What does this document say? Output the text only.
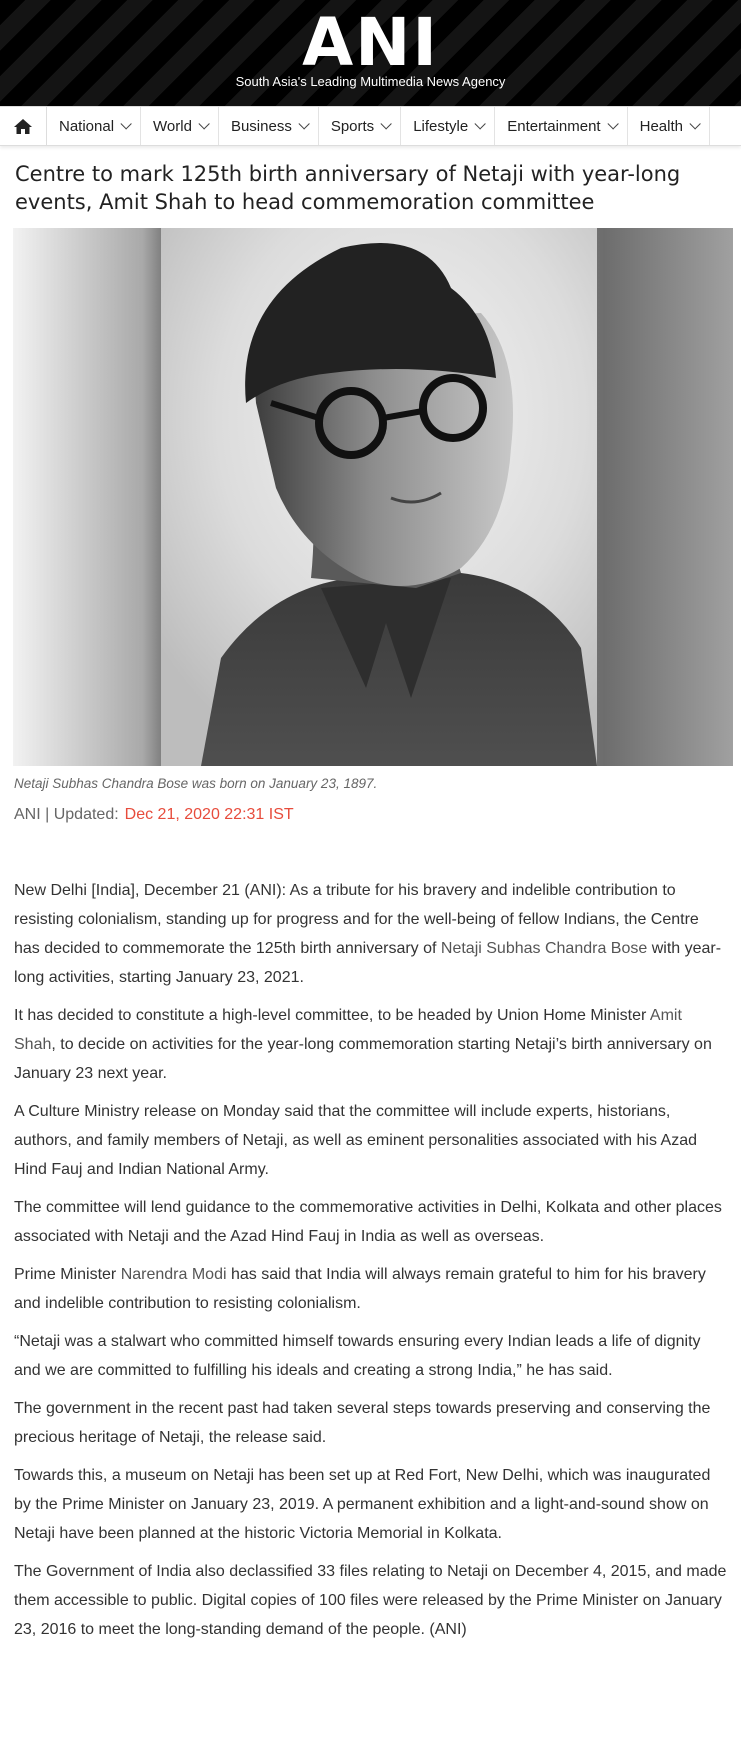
ANI
South Asia's Leading Multimedia News Agency
National	World	Business	Sports	Lifestyle	Entertainment	Health
Centre to mark 125th birth anniversary of Netaji with year-long events, Amit Shah to head commemoration committee
Netaji Subhas Chandra Bose was born on January 23, 1897.
ANI | Updated: Dec 21, 2020 22:31 IST

New Delhi [India], December 21 (ANI): As a tribute for his bravery and indelible contribution to resisting colonialism, standing up for progress and for the well-being of fellow Indians, the Centre has decided to commemorate the 125th birth anniversary of Netaji Subhas Chandra Bose with year-long activities, starting January 23, 2021.

It has decided to constitute a high-level committee, to be headed by Union Home Minister Amit Shah, to decide on activities for the year-long commemoration starting Netaji’s birth anniversary on January 23 next year.

A Culture Ministry release on Monday said that the committee will include experts, historians, authors, and family members of Netaji, as well as eminent personalities associated with his Azad Hind Fauj and Indian National Army.

The committee will lend guidance to the commemorative activities in Delhi, Kolkata and other places associated with Netaji and the Azad Hind Fauj in India as well as overseas.

Prime Minister Narendra Modi has said that India will always remain grateful to him for his bravery and indelible contribution to resisting colonialism.

“Netaji was a stalwart who committed himself towards ensuring every Indian leads a life of dignity and we are committed to fulfilling his ideals and creating a strong India,” he has said.

The government in the recent past had taken several steps towards preserving and conserving the precious heritage of Netaji, the release said.

Towards this, a museum on Netaji has been set up at Red Fort, New Delhi, which was inaugurated by the Prime Minister on January 23, 2019. A permanent exhibition and a light-and-sound show on Netaji have been planned at the historic Victoria Memorial in Kolkata.

The Government of India also declassified 33 files relating to Netaji on December 4, 2015, and made them accessible to public. Digital copies of 100 files were released by the Prime Minister on January 23, 2016 to meet the long-standing demand of the people. (ANI)
